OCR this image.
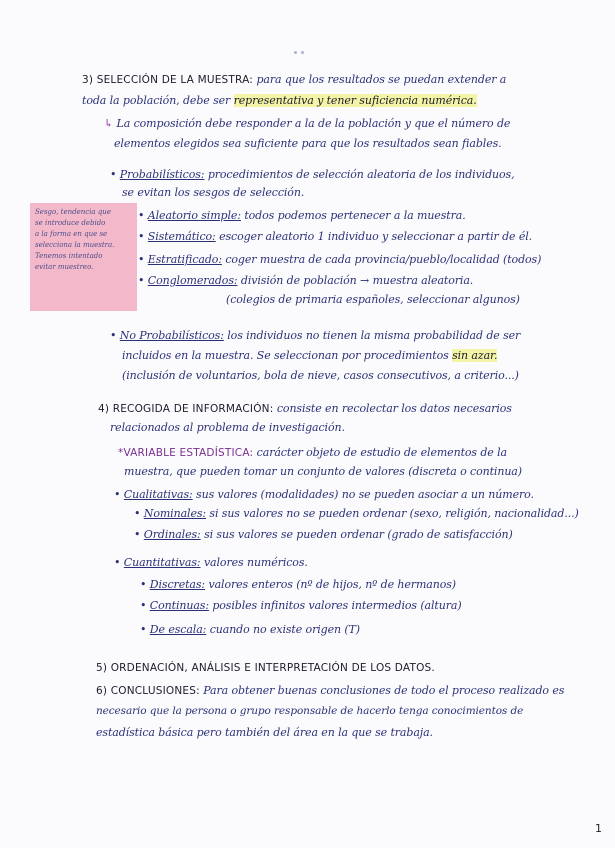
3) SELECCIÓN DE LA MUESTRA: para que los resultados se puedan extender a
toda la población, debe ser representativa y tener suficiencia numérica.
↳ La composición debe responder a la de la población y que el número de
elementos elegidos sea suficiente para que los resultados sean fiables.
• Probabilísticos: procedimientos de selección aleatoria de los individuos,
se evitan los sesgos de selección.
• Aleatorio simple: todos podemos pertenecer a la muestra.
• Sistemático: escoger aleatorio 1 individuo y seleccionar a partir de él.
• Estratificado: coger muestra de cada provincia/pueblo/localidad (todos)
• Conglomerados: división de población → muestra aleatoria.
(colegios de primaria españoles, seleccionar algunos)
Sesgo, tendencia que
se introduce debido
a la forma en que se
selecciona la muestra.
Tenemos intentado
evitar muestreo.
• No Probabilísticos: los individuos no tienen la misma probabilidad de ser
incluidos en la muestra. Se seleccionan por procedimientos sin azar.
(inclusión de voluntarios, bola de nieve, casos consecutivos, a criterio...)
4) RECOGIDA DE INFORMACIÓN: consiste en recolectar los datos necesarios
relacionados al problema de investigación.
*VARIABLE ESTADÍSTICA: carácter objeto de estudio de elementos de la
muestra, que pueden tomar un conjunto de valores (discreta o continua)
• Cualitativas: sus valores (modalidades) no se pueden asociar a un número.
• Nominales: si sus valores no se pueden ordenar (sexo, religión, nacionalidad...)
• Ordinales: si sus valores se pueden ordenar (grado de satisfacción)
• Cuantitativas: valores numéricos.
• Discretas: valores enteros (nº de hijos, nº de hermanos)
• Continuas: posibles infinitos valores intermedios (altura)
• De escala: cuando no existe origen (T)
5) ORDENACIÓN, ANÁLISIS E INTERPRETACIÓN DE LOS DATOS.
6) CONCLUSIONES: Para obtener buenas conclusiones de todo el proceso realizado es
necesario que la persona o grupo responsable de hacerlo tenga conocimientos de
estadística básica pero también del área en la que se trabaja.
1
